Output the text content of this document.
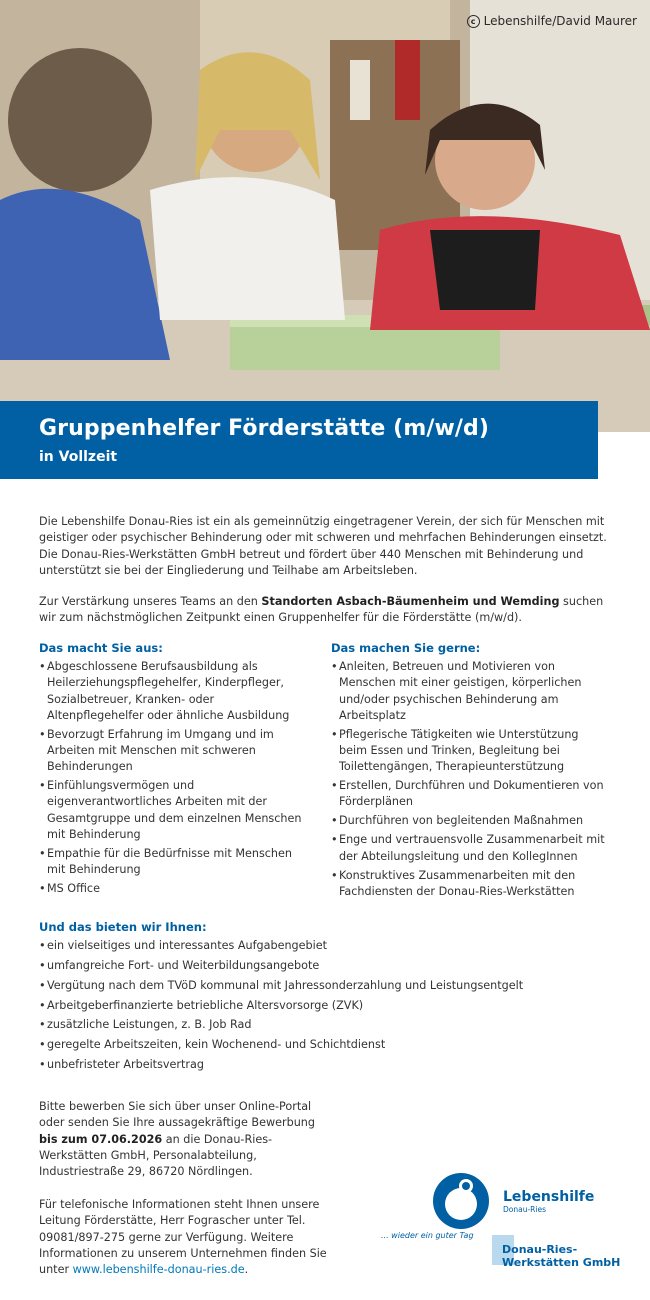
c Lebenshilfe/David Maurer
Gruppenhelfer Förderstätte (m/w/d)
in Vollzeit

Die Lebenshilfe Donau-Ries ist ein als gemeinnützig eingetragener Verein, der sich für Menschen mit geistiger oder psychischer Behinderung oder mit schweren und mehrfachen Behinderungen einsetzt. Die Donau-Ries-Werkstätten GmbH betreut und fördert über 440 Menschen mit Behinderung und unterstützt sie bei der Eingliederung und Teilhabe am Arbeitsleben.

Zur Verstärkung unseres Teams an den Standorten Asbach-Bäumenheim und Wemding suchen wir zum nächstmöglichen Zeitpunkt einen Gruppenhelfer für die Förderstätte (m/w/d).

Das macht Sie aus:
• Abgeschlossene Berufsausbildung als Heilerziehungspflegehelfer, Kinderpfleger, Sozialbetreuer, Kranken- oder Altenpflegehelfer oder ähnliche Ausbildung
• Bevorzugt Erfahrung im Umgang und im Arbeiten mit Menschen mit schweren Behinderungen
• Einfühlungsvermögen und eigenverantwortliches Arbeiten mit der Gesamtgruppe und dem einzelnen Menschen mit Behinderung
• Empathie für die Bedürfnisse mit Menschen mit Behinderung
• MS Office
Das machen Sie gerne:
• Anleiten, Betreuen und Motivieren von Menschen mit einer geistigen, körperlichen und/oder psychischen Behinderung am Arbeitsplatz
• Pflegerische Tätigkeiten wie Unterstützung beim Essen und Trinken, Begleitung bei Toilettengängen, Therapieunterstützung
• Erstellen, Durchführen und Dokumentieren von Förderplänen
• Durchführen von begleitenden Maßnahmen
• Enge und vertrauensvolle Zusammenarbeit mit der Abteilungsleitung und den KollegInnen
• Konstruktives Zusammenarbeiten mit den Fachdiensten der Donau-Ries-Werkstätten
Und das bieten wir Ihnen:
• ein vielseitiges und interessantes Aufgabengebiet
• umfangreiche Fort- und Weiterbildungsangebote
• Vergütung nach dem TVöD kommunal mit Jahressonderzahlung und Leistungsentgelt
• Arbeitgeberfinanzierte betriebliche Altersvorsorge (ZVK)
• zusätzliche Leistungen, z. B. Job Rad
• geregelte Arbeitszeiten, kein Wochenend- und Schichtdienst
• unbefristeter Arbeitsvertrag

Bitte bewerben Sie sich über unser Online-Portal oder senden Sie Ihre aussagekräftige Bewerbung bis zum 07.06.2026 an die Donau-Ries-Werkstätten GmbH, Personalabteilung, Industriestraße 29, 86720 Nördlingen.

Für telefonische Informationen steht Ihnen unsere Leitung Förderstätte, Herr Fograscher unter Tel. 09081/897-275 gerne zur Verfügung. Weitere Informationen zu unserem Unternehmen finden Sie unter www.lebenshilfe-donau-ries.de.

Lebenshilfe
Donau-Ries
... wieder ein guter Tag
Donau-Ries-
Werkstätten GmbH
